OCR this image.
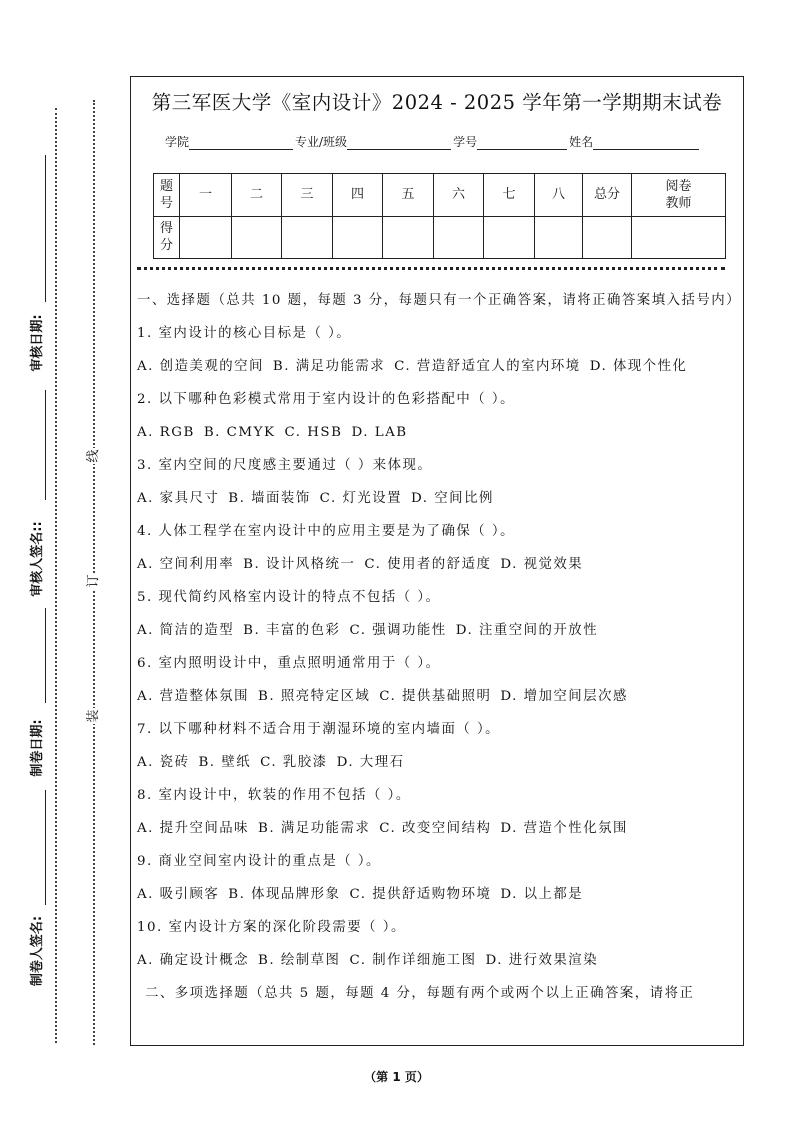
审核日期:
审核人签名::
制卷日期:
制卷人签名:
线
订
装
第三军医大学《室内设计》2024 - 2025 学年第一学期期末试卷
学院	专业/班级	学号	姓名
题
号	一	二	三	四	五	六	七	八	总分	阅卷
教师
得
分										

一、选择题（总共 10 题，每题 3 分，每题只有一个正确答案，请将正确答案填入括号内）

1. 室内设计的核心目标是（ ）。

A. 创造美观的空间 B. 满足功能需求 C. 营造舒适宜人的室内环境 D. 体现个性化

2. 以下哪种色彩模式常用于室内设计的色彩搭配中（ ）。

A. RGB B. CMYK C. HSB D. LAB

3. 室内空间的尺度感主要通过（ ）来体现。

A. 家具尺寸 B. 墙面装饰 C. 灯光设置 D. 空间比例

4. 人体工程学在室内设计中的应用主要是为了确保（ ）。

A. 空间利用率 B. 设计风格统一 C. 使用者的舒适度 D. 视觉效果

5. 现代简约风格室内设计的特点不包括（ ）。

A. 简洁的造型 B. 丰富的色彩 C. 强调功能性 D. 注重空间的开放性

6. 室内照明设计中，重点照明通常用于（ ）。

A. 营造整体氛围 B. 照亮特定区域 C. 提供基础照明 D. 增加空间层次感

7. 以下哪种材料不适合用于潮湿环境的室内墙面（ ）。

A. 瓷砖 B. 壁纸 C. 乳胶漆 D. 大理石

8. 室内设计中，软装的作用不包括（ ）。

A. 提升空间品味 B. 满足功能需求 C. 改变空间结构 D. 营造个性化氛围

9. 商业空间室内设计的重点是（ ）。

A. 吸引顾客 B. 体现品牌形象 C. 提供舒适购物环境 D. 以上都是

10. 室内设计方案的深化阶段需要（ ）。

A. 确定设计概念 B. 绘制草图 C. 制作详细施工图 D. 进行效果渲染

二、多项选择题（总共 5 题，每题 4 分，每题有两个或两个以上正确答案，请将正

（第 1 页）
